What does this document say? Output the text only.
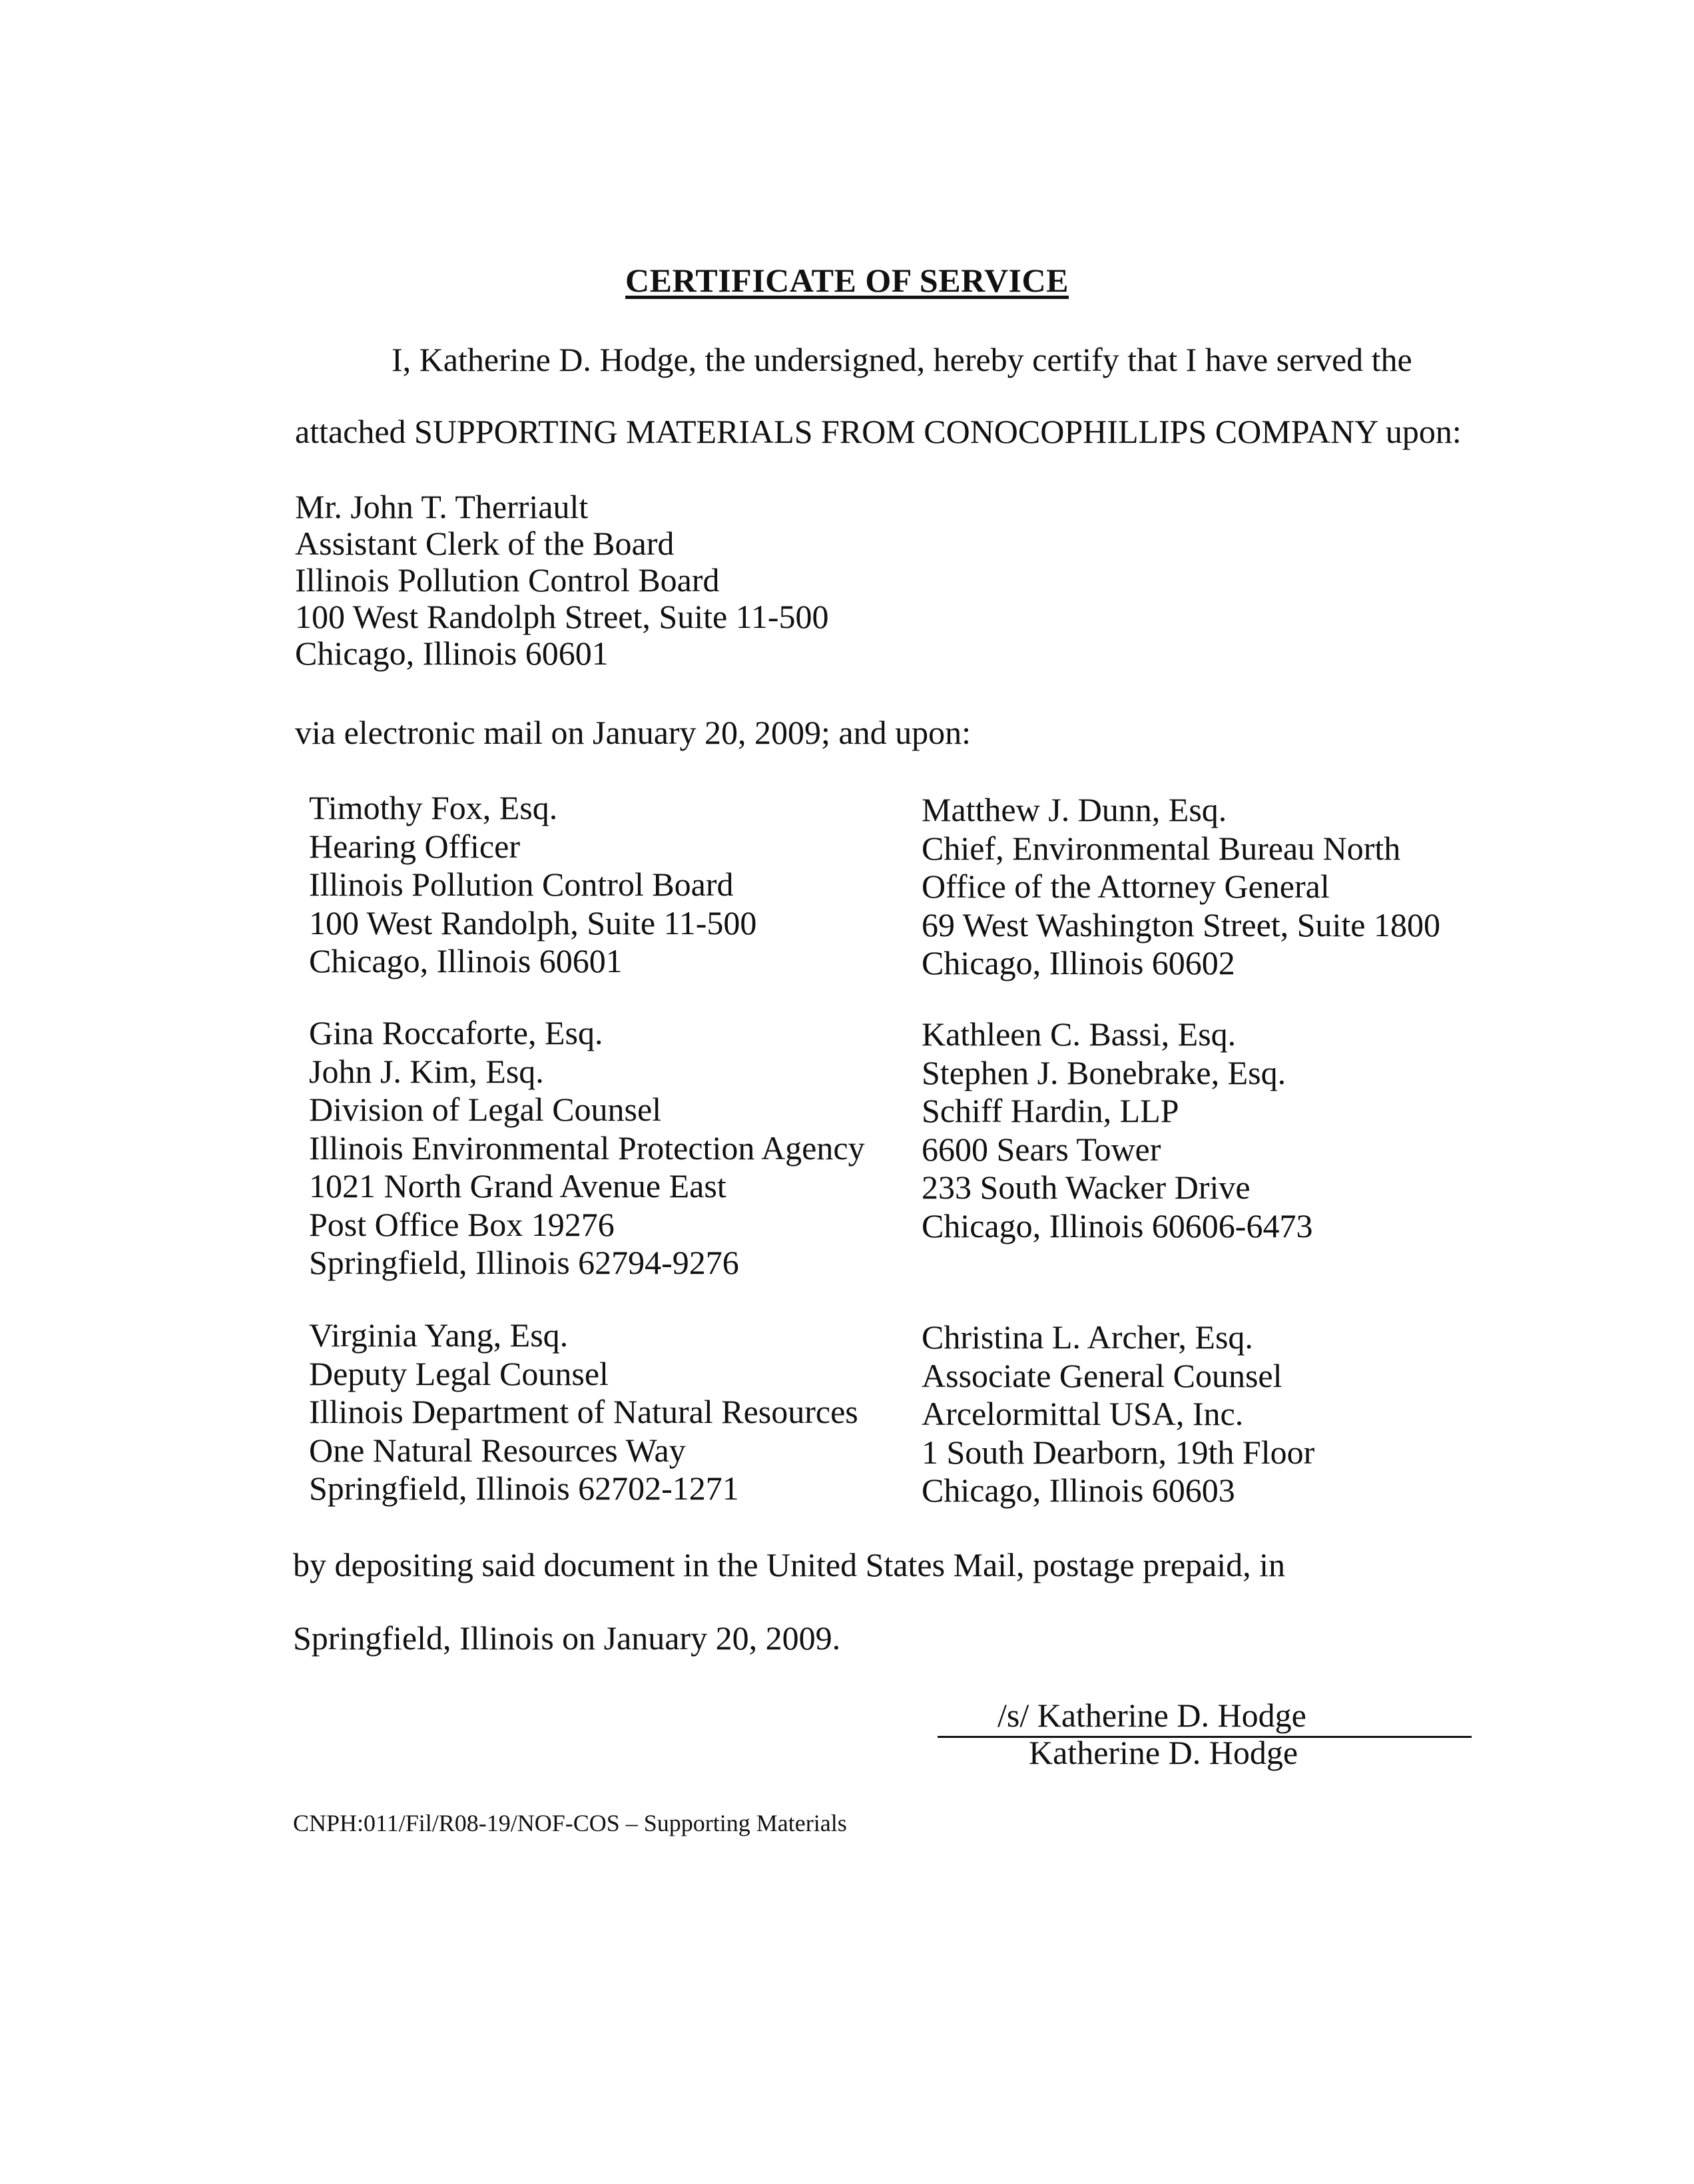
CERTIFICATE OF SERVICE
I, Katherine D. Hodge, the undersigned, hereby certify that I have served the
attached SUPPORTING MATERIALS FROM CONOCOPHILLIPS COMPANY upon:
Mr. John T. Therriault
Assistant Clerk of the Board
Illinois Pollution Control Board
100 West Randolph Street, Suite 11-500
Chicago, Illinois 60601
via electronic mail on January 20, 2009; and upon:
Timothy Fox, Esq.
Hearing Officer
Illinois Pollution Control Board
100 West Randolph, Suite 11-500
Chicago, Illinois 60601
Matthew J. Dunn, Esq.
Chief, Environmental Bureau North
Office of the Attorney General
69 West Washington Street, Suite 1800
Chicago, Illinois 60602
Gina Roccaforte, Esq.
John J. Kim, Esq.
Division of Legal Counsel
Illinois Environmental Protection Agency
1021 North Grand Avenue East
Post Office Box 19276
Springfield, Illinois 62794-9276
Kathleen C. Bassi, Esq.
Stephen J. Bonebrake, Esq.
Schiff Hardin, LLP
6600 Sears Tower
233 South Wacker Drive
Chicago, Illinois 60606-6473
Virginia Yang, Esq.
Deputy Legal Counsel
Illinois Department of Natural Resources
One Natural Resources Way
Springfield, Illinois 62702-1271
Christina L. Archer, Esq.
Associate General Counsel
Arcelormittal USA, Inc.
1 South Dearborn, 19th Floor
Chicago, Illinois 60603
by depositing said document in the United States Mail, postage prepaid, in
Springfield, Illinois on January 20, 2009.
/s/ Katherine D. Hodge
Katherine D. Hodge
CNPH:011/Fil/R08-19/NOF-COS – Supporting Materials
